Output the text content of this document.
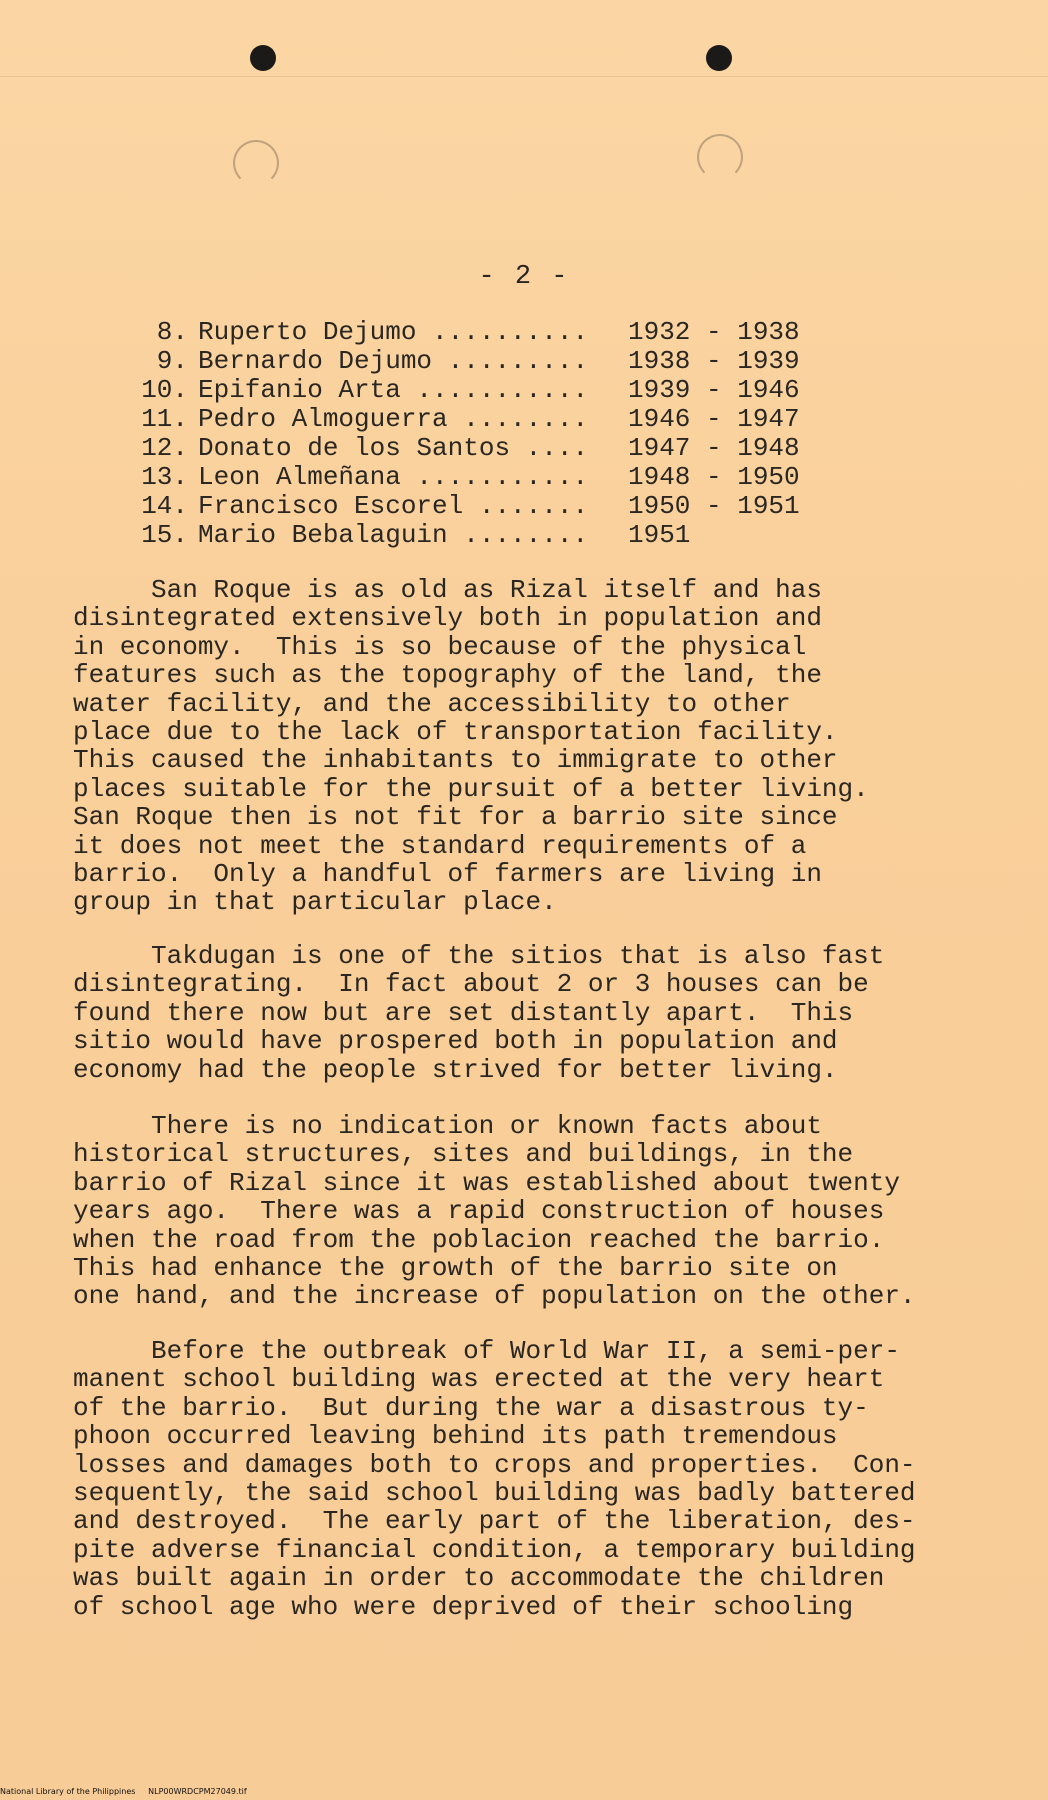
- 2 -
8. Ruperto Dejumo ..........	1932 - 1938
9. Bernardo Dejumo .........	1938 - 1939
10. Epifanio Arta ...........	1939 - 1946
11. Pedro Almoguerra ........	1946 - 1947
12. Donato de los Santos ....	1947 - 1948
13. Leon Almeñana ...........	1948 - 1950
14. Francisco Escorel .......	1950 - 1951
15. Mario Bebalaguin ........	1951
San Roque is as old as Rizal itself and has
disintegrated extensively both in population and
in economy.  This is so because of the physical
features such as the topography of the land, the
water facility, and the accessibility to other
place due to the lack of transportation facility.
This caused the inhabitants to immigrate to other
places suitable for the pursuit of a better living.
San Roque then is not fit for a barrio site since
it does not meet the standard requirements of a
barrio.  Only a handful of farmers are living in
group in that particular place.
Takdugan is one of the sitios that is also fast
disintegrating.  In fact about 2 or 3 houses can be
found there now but are set distantly apart.  This
sitio would have prospered both in population and
economy had the people strived for better living.
There is no indication or known facts about
historical structures, sites and buildings, in the
barrio of Rizal since it was established about twenty
years ago.  There was a rapid construction of houses
when the road from the poblacion reached the barrio.
This had enhance the growth of the barrio site on
one hand, and the increase of population on the other.
Before the outbreak of World War II, a semi-per-
manent school building was erected at the very heart
of the barrio.  But during the war a disastrous ty-
phoon occurred leaving behind its path tremendous
losses and damages both to crops and properties.  Con-
sequently, the said school building was badly battered
and destroyed.  The early part of the liberation, des-
pite adverse financial condition, a temporary building
was built again in order to accommodate the children
of school age who were deprived of their schooling
National Library of the Philippines     NLP00WRDCPM27049.tif
